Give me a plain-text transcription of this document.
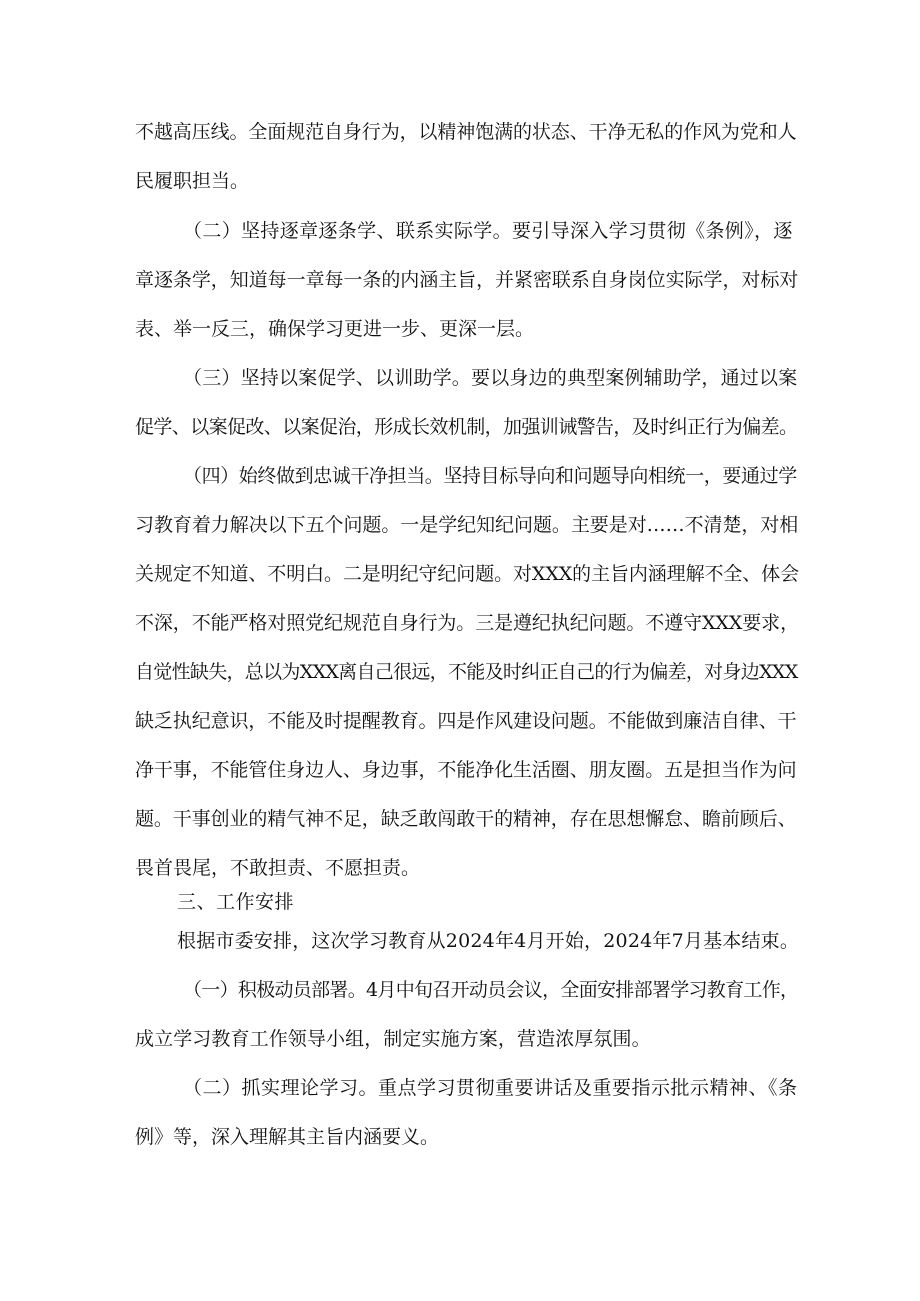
不越高压线。全面规范自身行为，以精神饱满的状态、干净无私的作风为党和人
民履职担当。
（二）坚持逐章逐条学、联系实际学。要引导深入学习贯彻《条例》，逐
章逐条学，知道每一章每一条的内涵主旨，并紧密联系自身岗位实际学，对标对
表、举一反三，确保学习更进一步、更深一层。
（三）坚持以案促学、以训助学。要以身边的典型案例辅助学，通过以案
促学、以案促改、以案促治，形成长效机制，加强训诫警告，及时纠正行为偏差。
（四）始终做到忠诚干净担当。坚持目标导向和问题导向相统一，要通过学
习教育着力解决以下五个问题。一是学纪知纪问题。主要是对……不清楚，对相
关规定不知道、不明白。二是明纪守纪问题。对XXX的主旨内涵理解不全、体会
不深，不能严格对照党纪规范自身行为。三是遵纪执纪问题。不遵守XXX要求，
自觉性缺失，总以为XXX离自己很远，不能及时纠正自己的行为偏差，对身边XXX
缺乏执纪意识，不能及时提醒教育。四是作风建设问题。不能做到廉洁自律、干
净干事，不能管住身边人、身边事，不能净化生活圈、朋友圈。五是担当作为问
题。干事创业的精气神不足，缺乏敢闯敢干的精神，存在思想懈怠、瞻前顾后、
畏首畏尾，不敢担责、不愿担责。
三、工作安排
根据市委安排，这次学习教育从2024年4月开始，2024年7月基本结束。
（一）积极动员部署。4月中旬召开动员会议，全面安排部署学习教育工作，
成立学习教育工作领导小组，制定实施方案，营造浓厚氛围。
（二）抓实理论学习。重点学习贯彻重要讲话及重要指示批示精神、《条
例》等，深入理解其主旨内涵要义。
